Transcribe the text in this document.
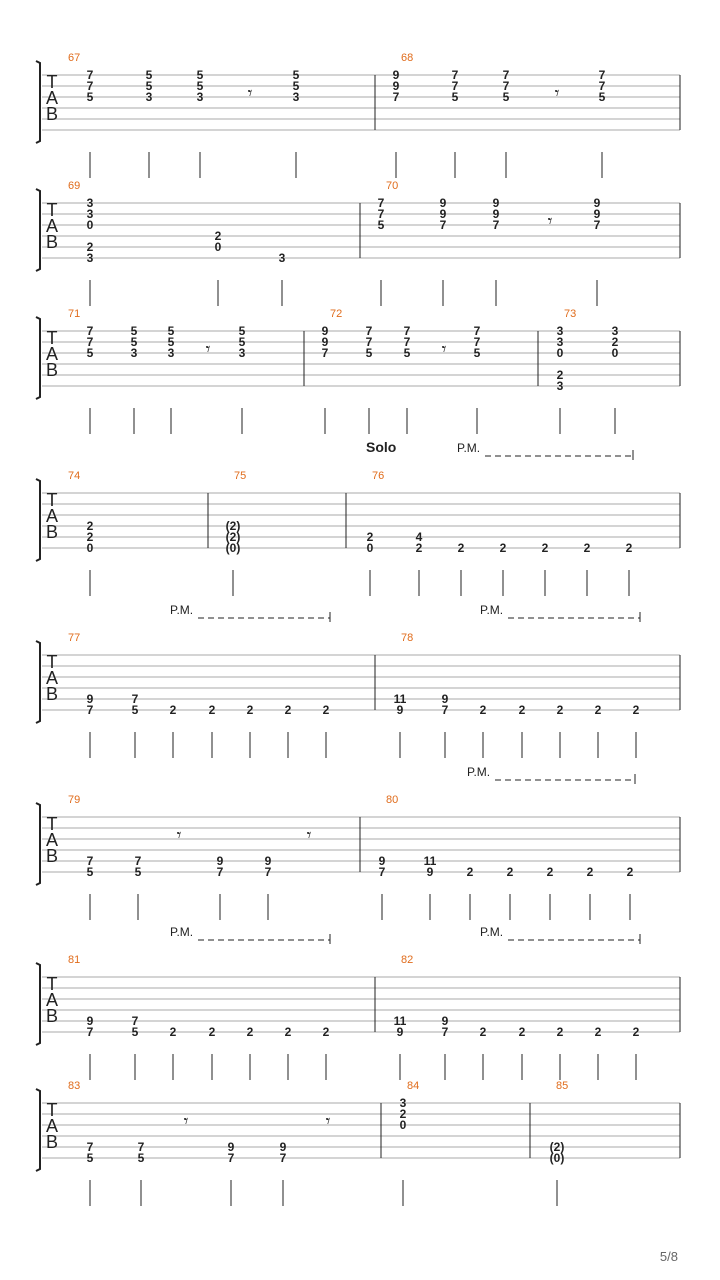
T
A
B
67
7
7
5
5
5
3
5
5
3 𝄾
5
5
3
68
9
9
7
7
7
5
7
7
5	𝄾
7
7
5
T
A
B
69
3
3
0
2
3
2
0
3
70
7
7
5
9
9
7
9
9
7	𝄾
9
9
7
T
A
B
71
7
7
5
5
5
3
5
5
3 𝄾
5
5
3
72
9
9
7
7
7
5
7
7
5 𝄾
7
7
5
73
3
3
0
2
3
3
2
0
T
A
B
74
2
2
0
75
(2)
(2)
(0)
76
2
0
4
2	2	2	2	2	2
T
A
B
77
9
7
7
5	2	2	2	2	2
78
11
9
9
7	2	2	2	2	2
T
A
B
79
7
5
7
5
𝄾
9
7
9
7
𝄾
80
9
7
11
9	2	2	2	2	2
T
A
B
81
9
7
7
5	2	2	2	2	2
82
11
9
9
7	2	2	2	2	2
T
A
B
83
7
5
7
5
𝄾
9
7
9
7
𝄾
84
3
2
0
85
(2)
(0)
Solo	P.M.
P.M.	P.M.
P.M.
P.M.	P.M.
5/8
